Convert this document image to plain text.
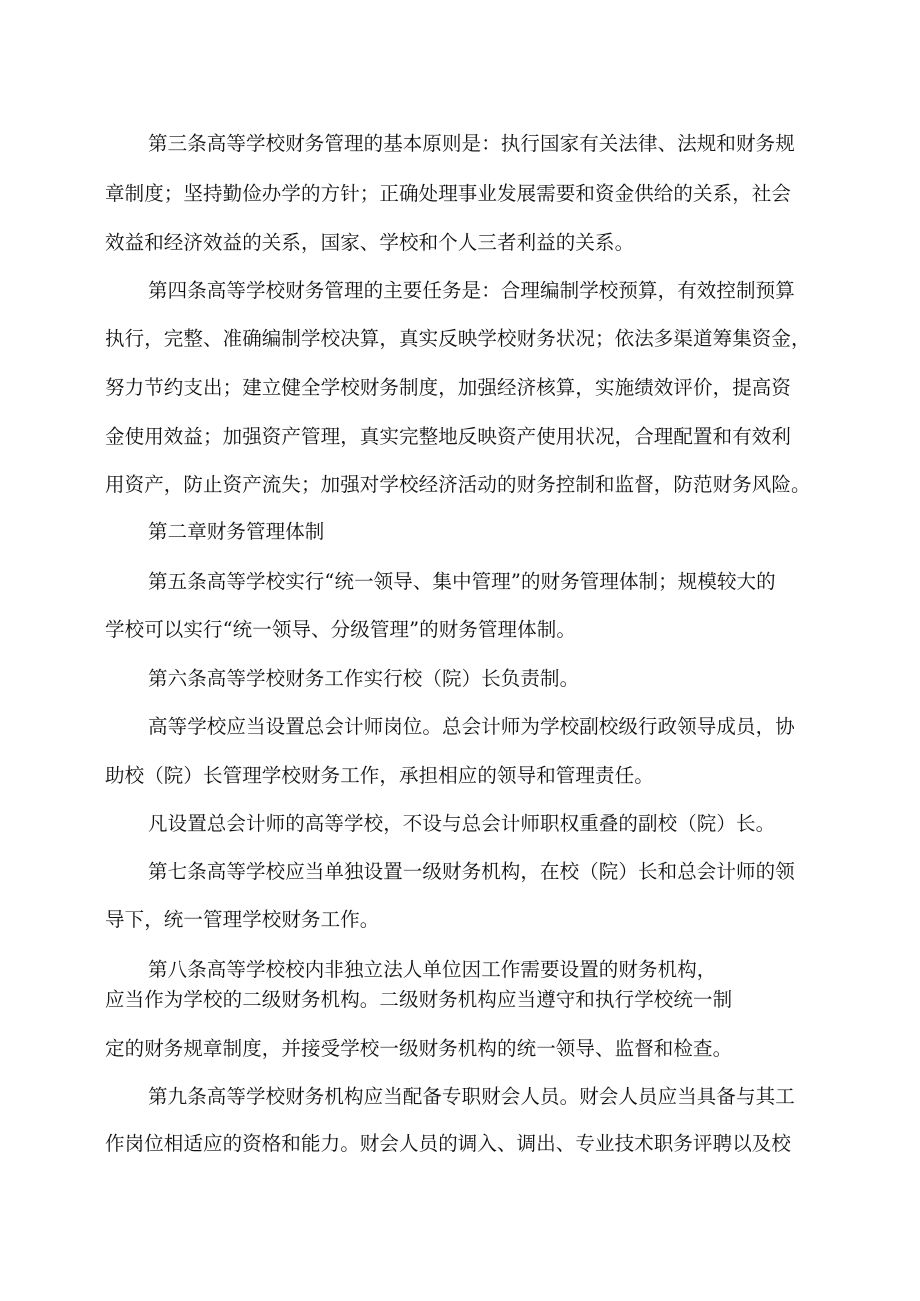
第三条高等学校财务管理的基本原则是：执行国家有关法律、法规和财务规
章制度；坚持勤俭办学的方针；正确处理事业发展需要和资金供给的关系，社会
效益和经济效益的关系，国家、学校和个人三者利益的关系。
第四条高等学校财务管理的主要任务是：合理编制学校预算，有效控制预算
执行，完整、准确编制学校决算，真实反映学校财务状况；依法多渠道筹集资金，
努力节约支出；建立健全学校财务制度，加强经济核算，实施绩效评价，提高资
金使用效益；加强资产管理，真实完整地反映资产使用状况，合理配置和有效利
用资产，防止资产流失；加强对学校经济活动的财务控制和监督，防范财务风险。
第二章财务管理体制
第五条高等学校实行“统一领导、集中管理”的财务管理体制；规模较大的
学校可以实行“统一领导、分级管理”的财务管理体制。
第六条高等学校财务工作实行校（院）长负责制。
高等学校应当设置总会计师岗位。总会计师为学校副校级行政领导成员，协
助校（院）长管理学校财务工作，承担相应的领导和管理责任。
凡设置总会计师的高等学校，不设与总会计师职权重叠的副校（院）长。
第七条高等学校应当单独设置一级财务机构，在校（院）长和总会计师的领
导下，统一管理学校财务工作。
第八条高等学校校内非独立法人单位因工作需要设置的财务机构，
应当作为学校的二级财务机构。二级财务机构应当遵守和执行学校统一制
定的财务规章制度，并接受学校一级财务机构的统一领导、监督和检查。
第九条高等学校财务机构应当配备专职财会人员。财会人员应当具备与其工
作岗位相适应的资格和能力。财会人员的调入、调出、专业技术职务评聘以及校
